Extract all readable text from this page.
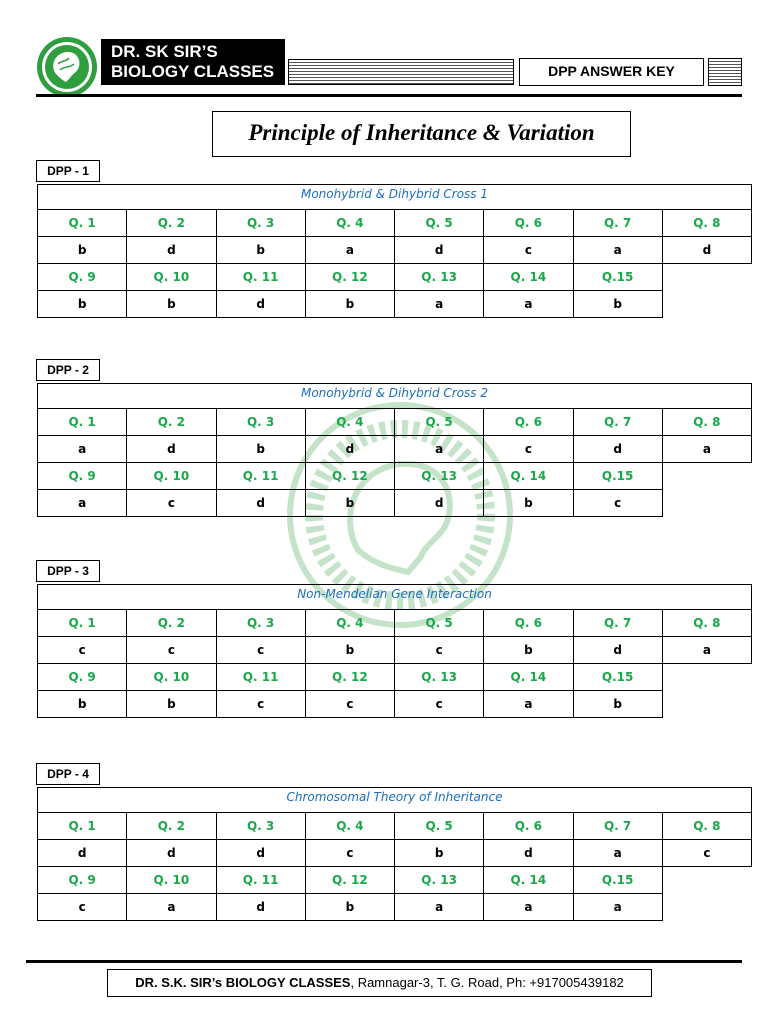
DR. SK SIR’S
BIOLOGY CLASSES	DPP ANSWER KEY
Principle of Inheritance & Variation
DPP - 1
Monohybrid & Dihybrid Cross 1
Q. 1	Q. 2	Q. 3	Q. 4	Q. 5	Q. 6	Q. 7	Q. 8
b	d	b	a	d	c	a	d
Q. 9	Q. 10	Q. 11	Q. 12	Q. 13	Q. 14	Q.15	
b	b	d	b	a	a	b	
DPP - 2
Monohybrid & Dihybrid Cross 2
Q. 1	Q. 2	Q. 3	Q. 4	Q. 5	Q. 6	Q. 7	Q. 8
a	d	b	d	a	c	d	a
Q. 9	Q. 10	Q. 11	Q. 12	Q. 13	Q. 14	Q.15	
a	c	d	b	d	b	c	
DPP - 3
Non-Mendelian Gene Interaction
Q. 1	Q. 2	Q. 3	Q. 4	Q. 5	Q. 6	Q. 7	Q. 8
c	c	c	b	c	b	d	a
Q. 9	Q. 10	Q. 11	Q. 12	Q. 13	Q. 14	Q.15	
b	b	c	c	c	a	b	
DPP - 4
Chromosomal Theory of Inheritance
Q. 1	Q. 2	Q. 3	Q. 4	Q. 5	Q. 6	Q. 7	Q. 8
d	d	d	c	b	d	a	c
Q. 9	Q. 10	Q. 11	Q. 12	Q. 13	Q. 14	Q.15	
c	a	d	b	a	a	a	
DR. S.K. SIR’s BIOLOGY CLASSES, Ramnagar-3, T. G. Road, Ph: +917005439182
